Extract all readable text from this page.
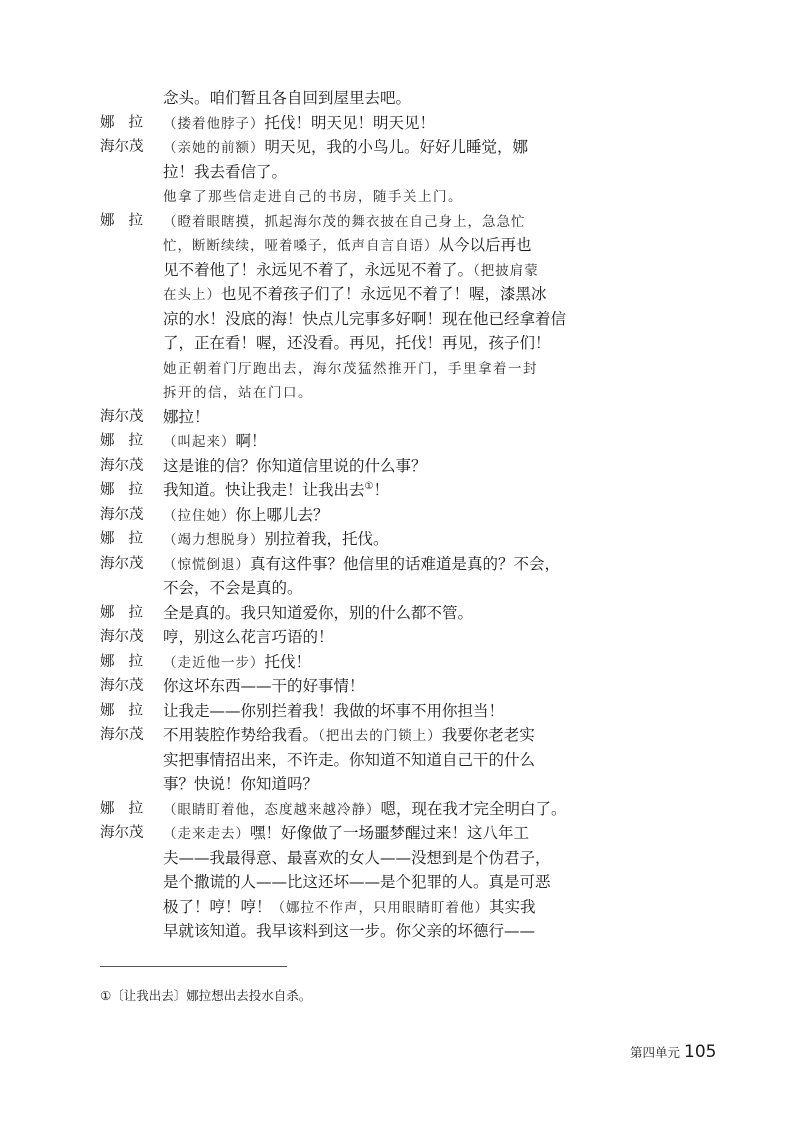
念头。咱们暂且各自回到屋里去吧。
娜拉 （搂着他脖子）托伐！明天见！明天见！
海尔茂	（亲她的前额）明天见，我的小鸟儿。好好儿睡觉，娜
拉！我去看信了。
他拿了那些信走进自己的书房，随手关上门。
娜拉 （瞪着眼瞎摸，抓起海尔茂的舞衣披在自己身上，急急忙
忙，断断续续，哑着嗓子，低声自言自语）从今以后再也
见不着他了！永远见不着了，永远见不着了。（把披肩蒙
在头上）也见不着孩子们了！永远见不着了！喔，漆黑冰
凉的水！没底的海！快点儿完事多好啊！现在他已经拿着信
了，正在看！喔，还没看。再见，托伐！再见，孩子们！
她正朝着门厅跑出去，海尔茂猛然推开门，手里拿着一封
拆开的信，站在门口。
海尔茂	娜拉！
娜拉 （叫起来）啊！
海尔茂	这是谁的信？你知道信里说的什么事？
娜拉 我知道。快让我走！让我出去①！
海尔茂	（拉住她）你上哪儿去？
娜拉 （竭力想脱身）别拉着我，托伐。
海尔茂	（惊慌倒退）真有这件事？他信里的话难道是真的？不会，
不会，不会是真的。
娜拉 全是真的。我只知道爱你，别的什么都不管。
海尔茂	哼，别这么花言巧语的！
娜拉 （走近他一步）托伐！
海尔茂	你这坏东西——干的好事情！
娜拉 让我走——你别拦着我！我做的坏事不用你担当！
海尔茂	不用装腔作势给我看。（把出去的门锁上）我要你老老实
实把事情招出来，不许走。你知道不知道自己干的什么
事？快说！你知道吗？
娜拉 （眼睛盯着他，态度越来越冷静）嗯，现在我才完全明白了。
海尔茂	（走来走去）嘿！好像做了一场噩梦醒过来！这八年工
夫——我最得意、最喜欢的女人——没想到是个伪君子，
是个撒谎的人——比这还坏——是个犯罪的人。真是可恶
极了！哼！哼！（娜拉不作声，只用眼睛盯着他）其实我
早就该知道。我早该料到这一步。你父亲的坏德行——
①〔让我出去〕娜拉想出去投水自杀。
第四单元 105
